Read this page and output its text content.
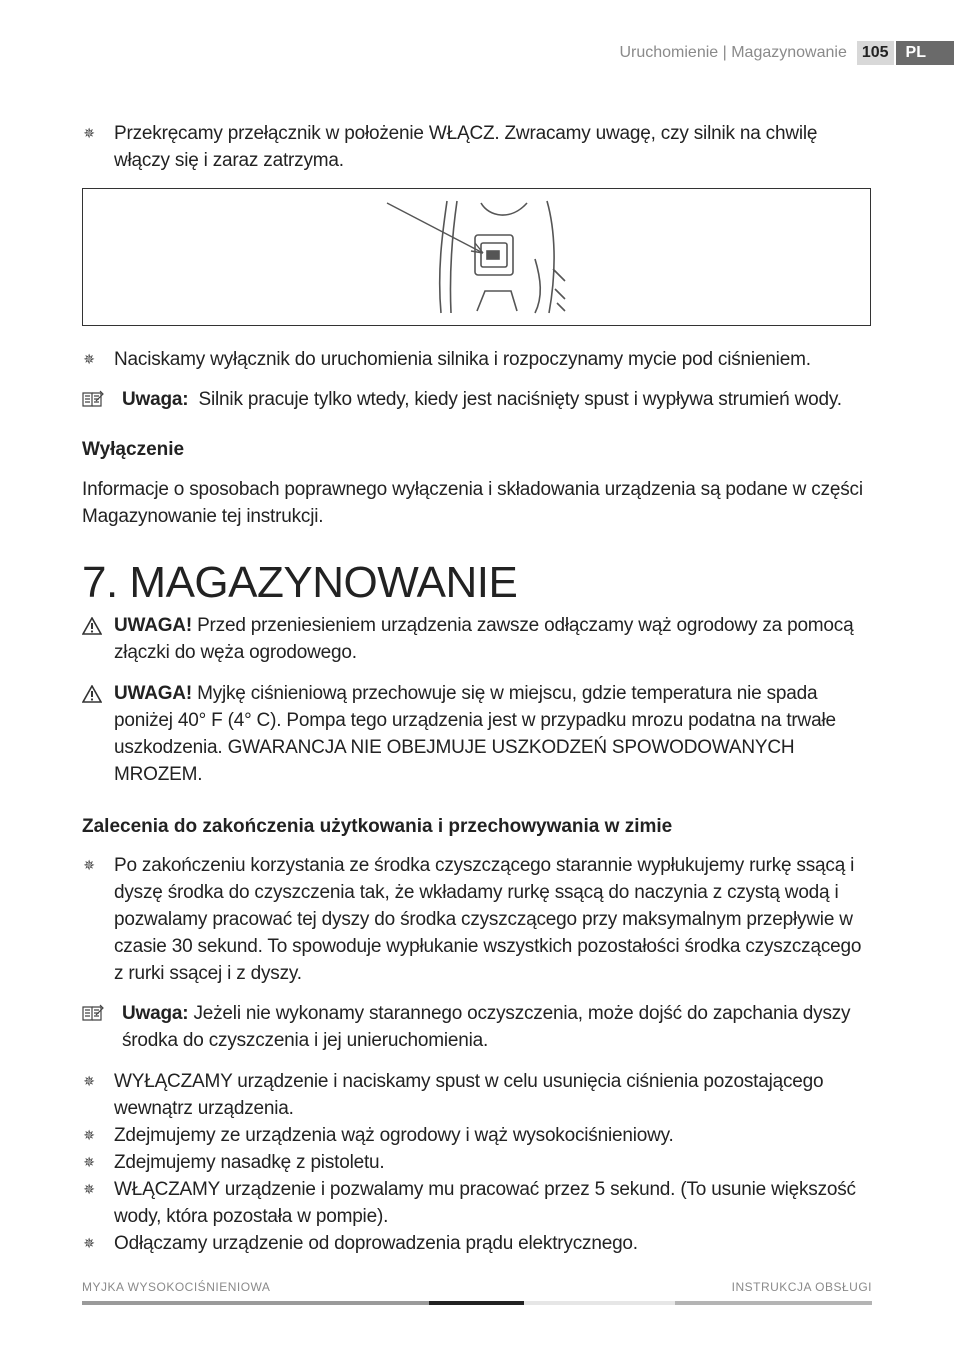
Uruchomienie | Magazynowanie 105	PL
✵ Przekręcamy przełącznik w położenie WŁĄCZ. Zwracamy uwagę, czy silnik na chwilę włączy się i zaraz zatrzyma.
✵ Naciskamy wyłącznik do uruchomienia silnika i rozpoczynamy mycie pod ciśnieniem.
Uwaga: Silnik pracuje tylko wtedy, kiedy jest naciśnięty spust i wypływa strumień wody.
Wyłączenie
Informacje o sposobach poprawnego wyłączenia i składowania urządzenia są podane w części Magazynowanie tej instrukcji.
7. MAGAZYNOWANIE
UWAGA! Przed przeniesieniem urządzenia zawsze odłączamy wąż ogrodowy za pomocą złączki do węża ogrodowego.
UWAGA! Myjkę ciśnieniową przechowuje się w miejscu, gdzie temperatura nie spada poniżej 40° F (4° C). Pompa tego urządzenia jest w przypadku mrozu podatna na trwałe uszkodzenia. GWARANCJA NIE OBEJMUJE USZKODZEŃ SPOWODOWANYCH MROZEM.
Zalecenia do zakończenia użytkowania i przechowywania w zimie
✵ Po zakończeniu korzystania ze środka czyszczącego starannie wypłukujemy rurkę ssącą i dyszę środka do czyszczenia tak, że wkładamy rurkę ssącą do naczynia z czystą wodą i pozwalamy pracować tej dyszy do środka czyszczącego przy maksymalnym przepływie w czasie 30 sekund. To spowoduje wypłukanie wszystkich pozostałości środka czyszczącego z rurki ssącej i z dyszy.
Uwaga: Jeżeli nie wykonamy starannego oczyszczenia, może dojść do zapchania dyszy środka do czyszczenia i jej unieruchomienia.
✵ WYŁĄCZAMY urządzenie i naciskamy spust w celu usunięcia ciśnienia pozostającego wewnątrz urządzenia.
✵ Zdejmujemy ze urządzenia wąż ogrodowy i wąż wysokociśnieniowy.
✵ Zdejmujemy nasadkę z pistoletu.
✵ WŁĄCZAMY urządzenie i pozwalamy mu pracować przez 5 sekund. (To usunie większość wody, która pozostała w pompie).
✵ Odłączamy urządzenie od doprowadzenia prądu elektrycznego.
MYJKA WYSOKOCIŚNIENIOWA	INSTRUKCJA OBSŁUGI
